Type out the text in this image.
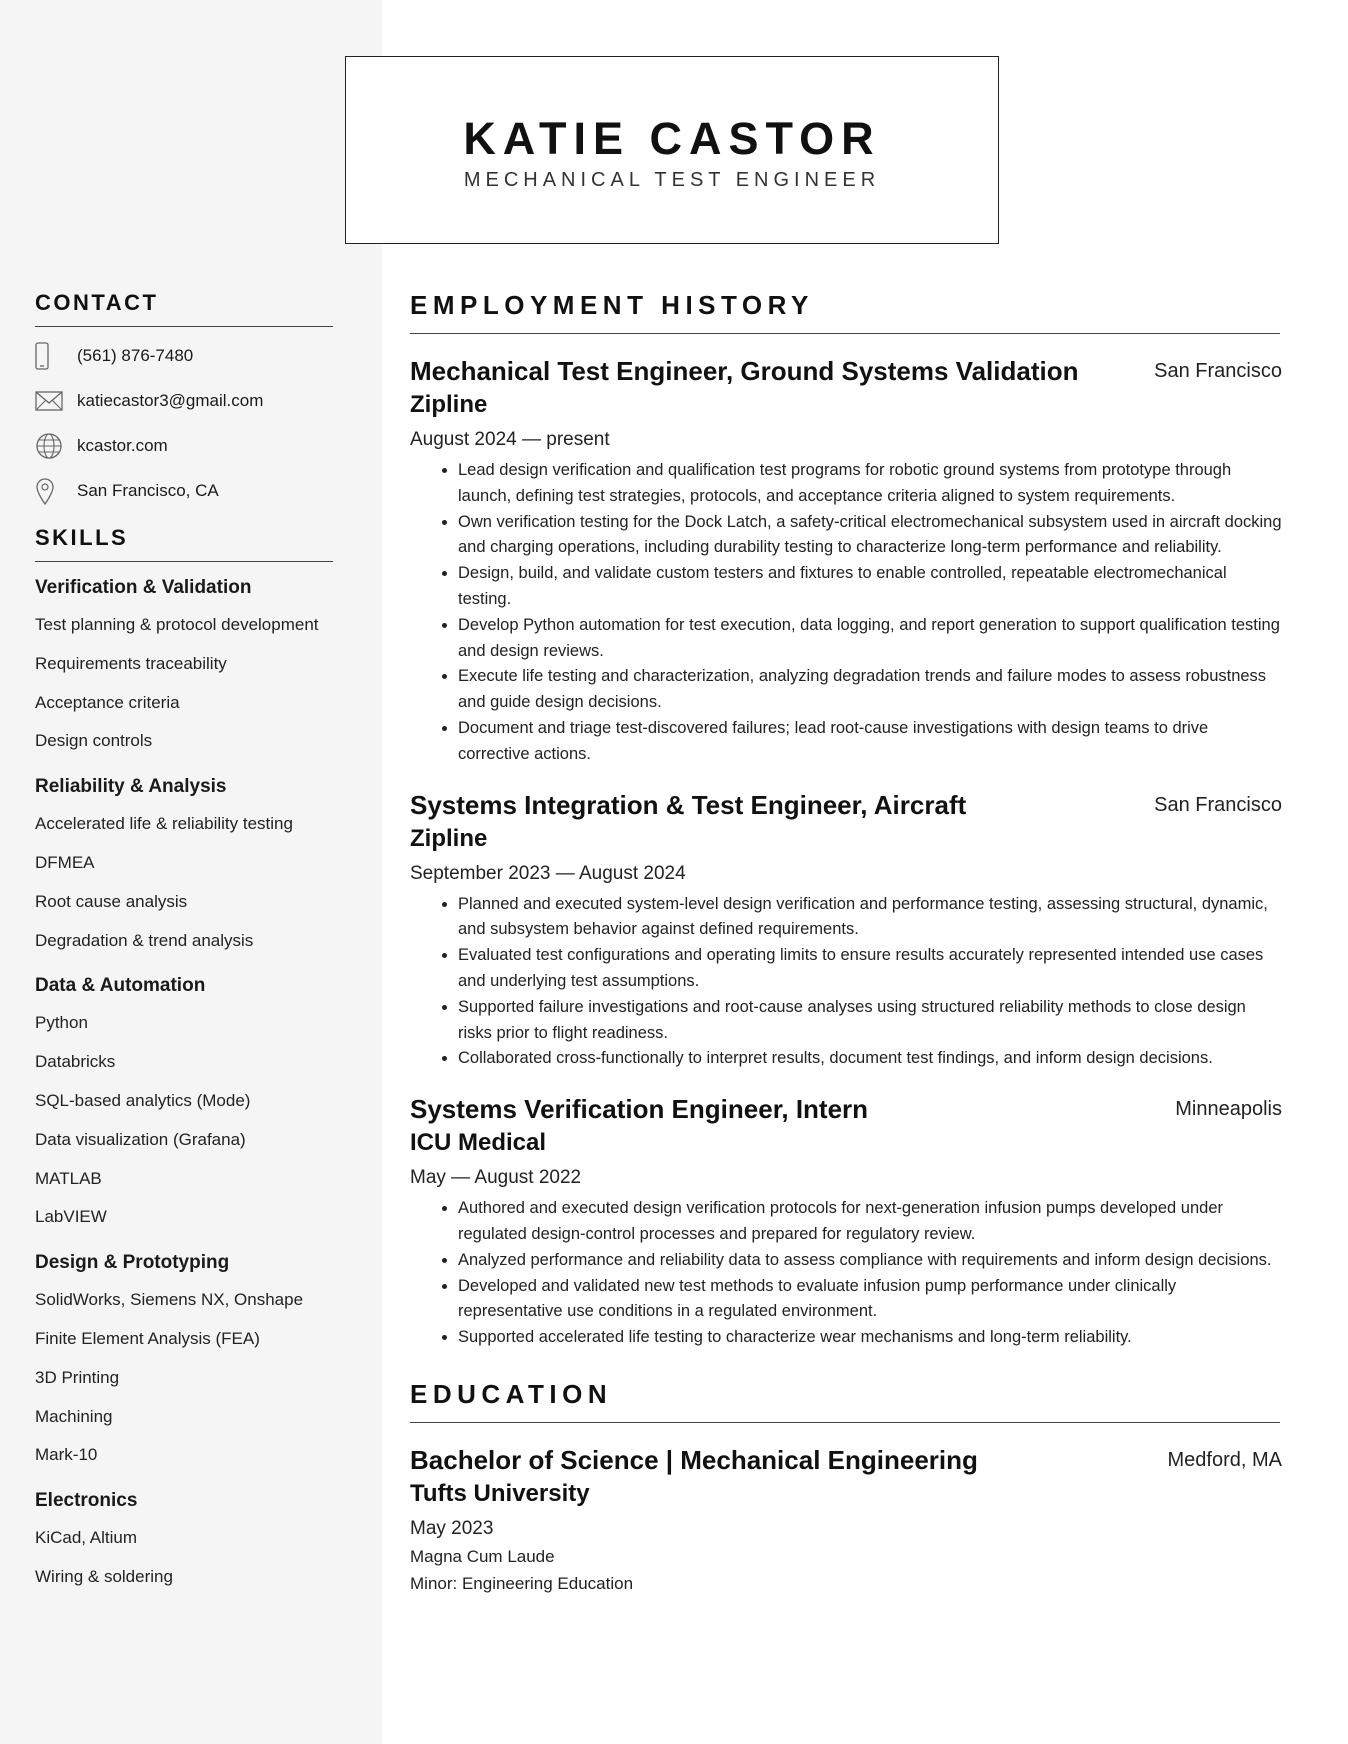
KATIE CASTOR
MECHANICAL TEST ENGINEER
CONTACT
(561) 876-7480
katiecastor3@gmail.com
kcastor.com
San Francisco, CA
SKILLS
Verification & Validation
Test planning & protocol development
Requirements traceability
Acceptance criteria
Design controls
Reliability & Analysis
Accelerated life & reliability testing
DFMEA
Root cause analysis
Degradation & trend analysis
Data & Automation
Python
Databricks
SQL-based analytics (Mode)
Data visualization (Grafana)
MATLAB
LabVIEW
Design & Prototyping
SolidWorks, Siemens NX, Onshape
Finite Element Analysis (FEA)
3D Printing
Machining
Mark-10
Electronics
KiCad, Altium
Wiring & soldering
EMPLOYMENT HISTORY
Mechanical Test Engineer, Ground Systems Validation	San Francisco
Zipline
August 2024 — present
• Lead design verification and qualification test programs for robotic ground systems from prototype through launch, defining test strategies, protocols, and acceptance criteria aligned to system requirements.
• Own verification testing for the Dock Latch, a safety-critical electromechanical subsystem used in aircraft docking and charging operations, including durability testing to characterize long-term performance and reliability.
• Design, build, and validate custom testers and fixtures to enable controlled, repeatable electromechanical testing.
• Develop Python automation for test execution, data logging, and report generation to support qualification testing and design reviews.
• Execute life testing and characterization, analyzing degradation trends and failure modes to assess robustness and guide design decisions.
• Document and triage test-discovered failures; lead root-cause investigations with design teams to drive corrective actions.
Systems Integration & Test Engineer, Aircraft	San Francisco
Zipline
September 2023 — August 2024
• Planned and executed system-level design verification and performance testing, assessing structural, dynamic, and subsystem behavior against defined requirements.
• Evaluated test configurations and operating limits to ensure results accurately represented intended use cases and underlying test assumptions.
• Supported failure investigations and root-cause analyses using structured reliability methods to close design risks prior to flight readiness.
• Collaborated cross-functionally to interpret results, document test findings, and inform design decisions.
Systems Verification Engineer, Intern	Minneapolis
ICU Medical
May — August 2022
• Authored and executed design verification protocols for next-generation infusion pumps developed under regulated design-control processes and prepared for regulatory review.
• Analyzed performance and reliability data to assess compliance with requirements and inform design decisions.
• Developed and validated new test methods to evaluate infusion pump performance under clinically representative use conditions in a regulated environment.
• Supported accelerated life testing to characterize wear mechanisms and long-term reliability.
EDUCATION
Bachelor of Science | Mechanical Engineering	Medford, MA
Tufts University
May 2023
Magna Cum Laude
Minor: Engineering Education
